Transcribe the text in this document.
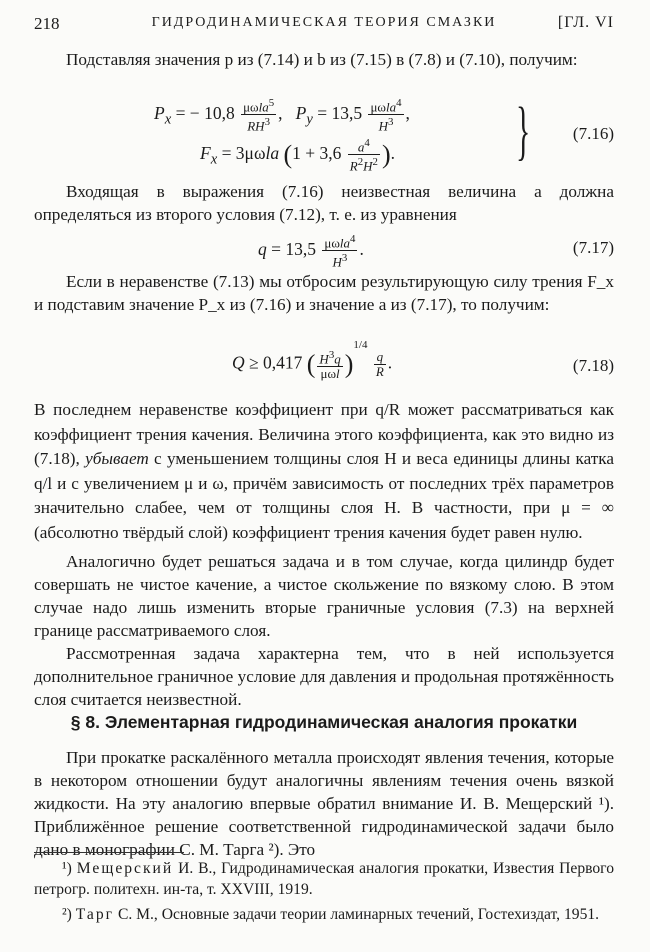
218	ГИДРОДИНАМИЧЕСКАЯ ТЕОРИЯ СМАЗКИ	[ГЛ. VI
Подставляя значения p из (7.14) и b из (7.15) в (7.8) и (7.10), получим:
$P_x$ = − $10,8 \frac{\mu\omega la^5}{RH^3}$ ,   $P_y = 13,5 \frac{\mu\omega la^4}{H^3}$ ,
$F_x = 3\mu\omega la$ ($1 + 3,6 \frac{a^4}{R^2H^2}$ ). }	(7.16)
Входящая в выражения (7.16) неизвестная величина a должна определяться из второго условия (7.12), т. е. из уравнения
$q = 13,5 \frac{\mu\omega la^4}{H^3}$ .	(7.17)
Если в неравенстве (7.13) мы отбросим результирующую силу трения F_x и подставим значение P_x из (7.16) и значение a из (7.17), то получим:
Q ≥ 0,417 ( $\frac{H^3q}{\text{μωl}} )^{1/4}$
$\frac{q}{R}$ .	(7.18)
В последнем неравенстве коэффициент при q/R может рассматриваться как коэффициент трения качения. Величина этого коэффициента, как это видно из (7.18), убывает с уменьшением толщины слоя H и веса единицы длины катка q/l и с увеличением μ и ω, причём зависимость от последних трёх параметров значительно слабее, чем от толщины слоя H. В частности, при μ = ∞ (абсолютно твёрдый слой) коэффициент трения качения будет равен нулю.
Аналогично будет решаться задача и в том случае, когда цилиндр будет совершать не чистое качение, а чистое скольжение по вязкому слою. В этом случае надо лишь изменить вторые граничные условия (7.3) на верхней границе рассматриваемого слоя.
Рассмотренная задача характерна тем, что в ней используется дополнительное граничное условие для давления и продольная протяжённость слоя считается неизвестной.
§ 8. Элементарная гидродинамическая аналогия прокатки
При прокатке раскалённого металла происходят явления течения, которые в некотором отношении будут аналогичны явлениям течения очень вязкой жидкости. На эту аналогию впервые обратил внимание И. В. Мещерский ¹). Приближённое решение соответственной гидродинамической задачи было дано в монографии С. М. Тарга ²). Это
¹) Мещерский И. В., Гидродинамическая аналогия прокатки, Известия Первого петрогр. политехн. ин-та, т. XXVIII, 1919.
²) Тарг С. М., Основные задачи теории ламинарных течений, Гостехиздат, 1951.
